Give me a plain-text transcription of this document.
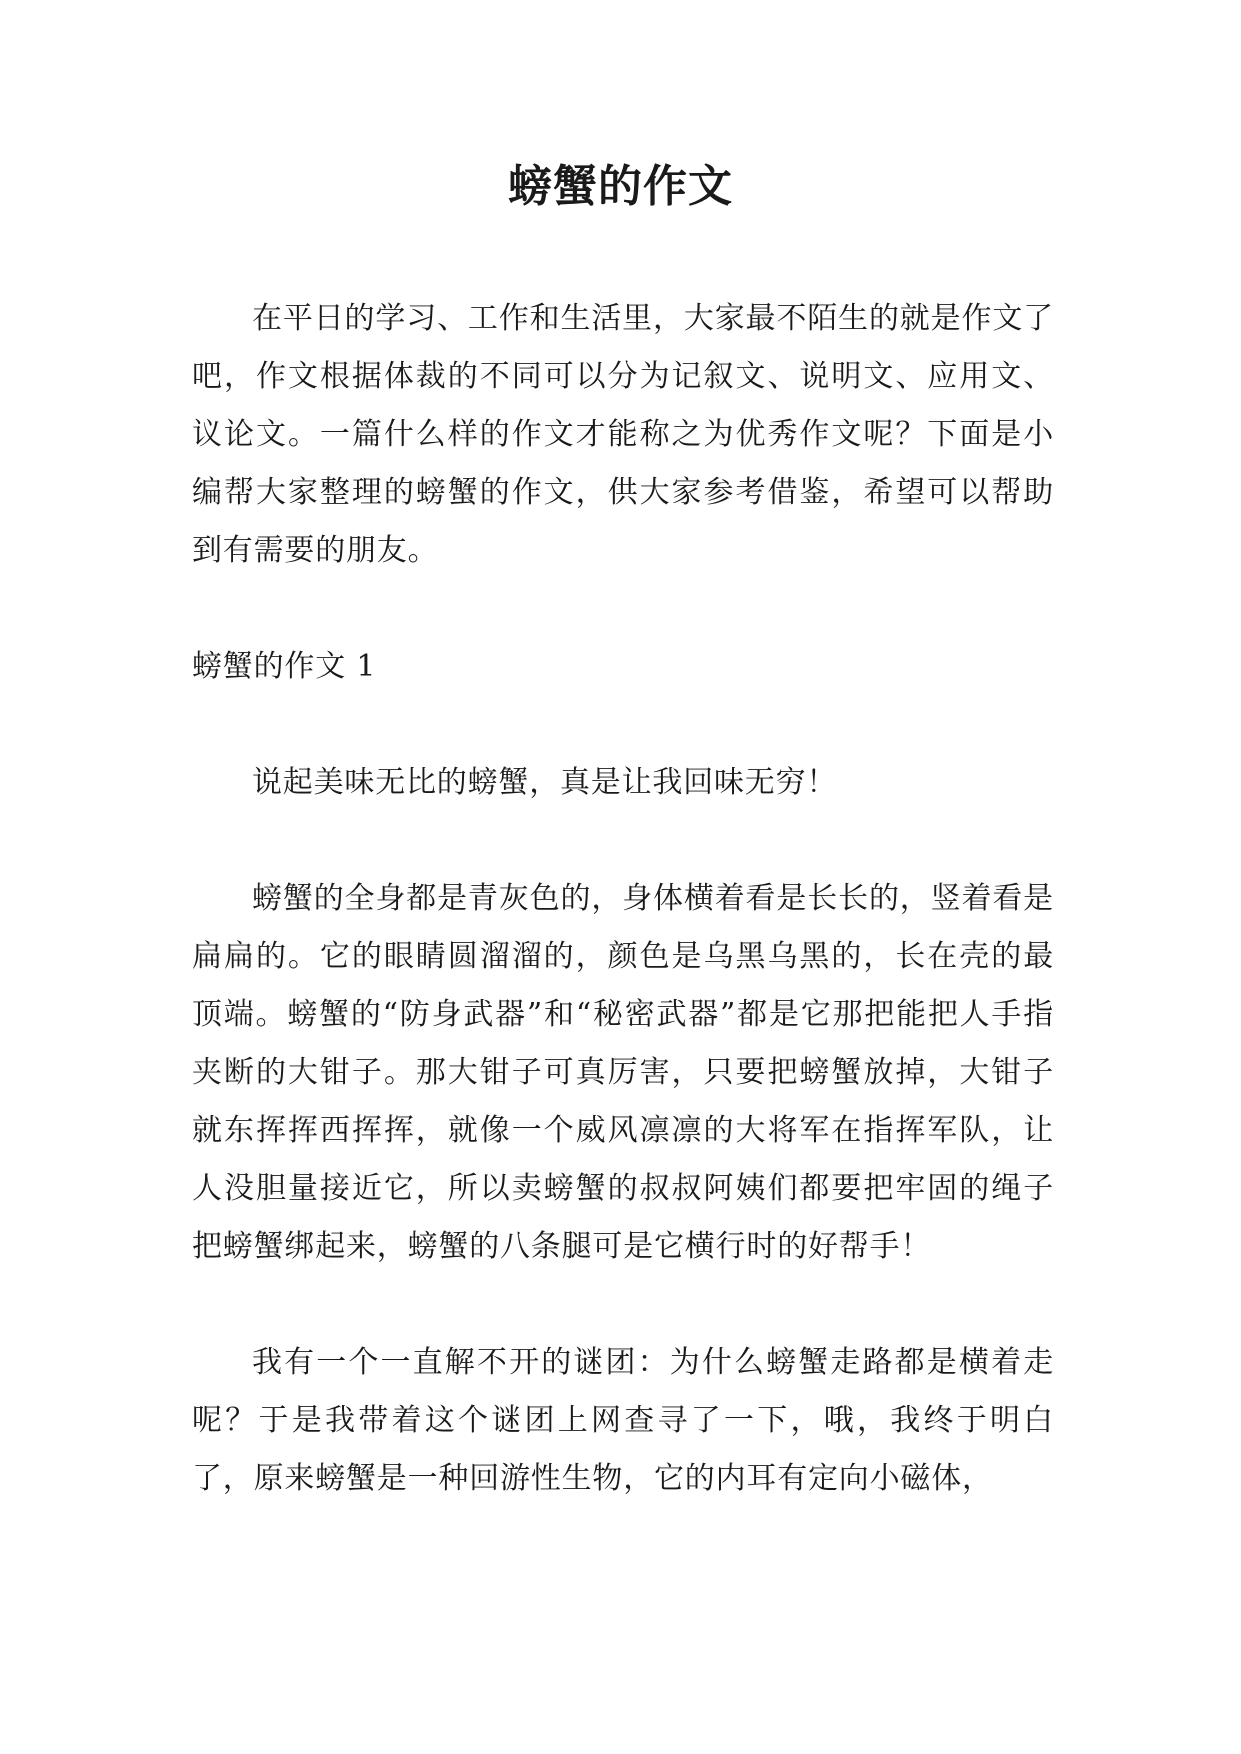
螃蟹的作文

在平日的学习、工作和生活里，大家最不陌生的就是作文了吧，作文根据体裁的不同可以分为记叙文、说明文、应用文、议论文。一篇什么样的作文才能称之为优秀作文呢？下面是小编帮大家整理的螃蟹的作文，供大家参考借鉴，希望可以帮助到有需要的朋友。

螃蟹的作文 1

说起美味无比的螃蟹，真是让我回味无穷！

螃蟹的全身都是青灰色的，身体横着看是长长的，竖着看是扁扁的。它的眼睛圆溜溜的，颜色是乌黑乌黑的，长在壳的最顶端。螃蟹的“防身武器”和“秘密武器”都是它那把能把人手指夹断的大钳子。那大钳子可真厉害，只要把螃蟹放掉，大钳子就东挥挥西挥挥，就像一个威风凛凛的大将军在指挥军队，让人没胆量接近它，所以卖螃蟹的叔叔阿姨们都要把牢固的绳子把螃蟹绑起来，螃蟹的八条腿可是它横行时的好帮手！

我有一个一直解不开的谜团：为什么螃蟹走路都是横着走呢？于是我带着这个谜团上网查寻了一下，哦，我终于明白了，原来螃蟹是一种回游性生物，它的内耳有定向小磁体，
